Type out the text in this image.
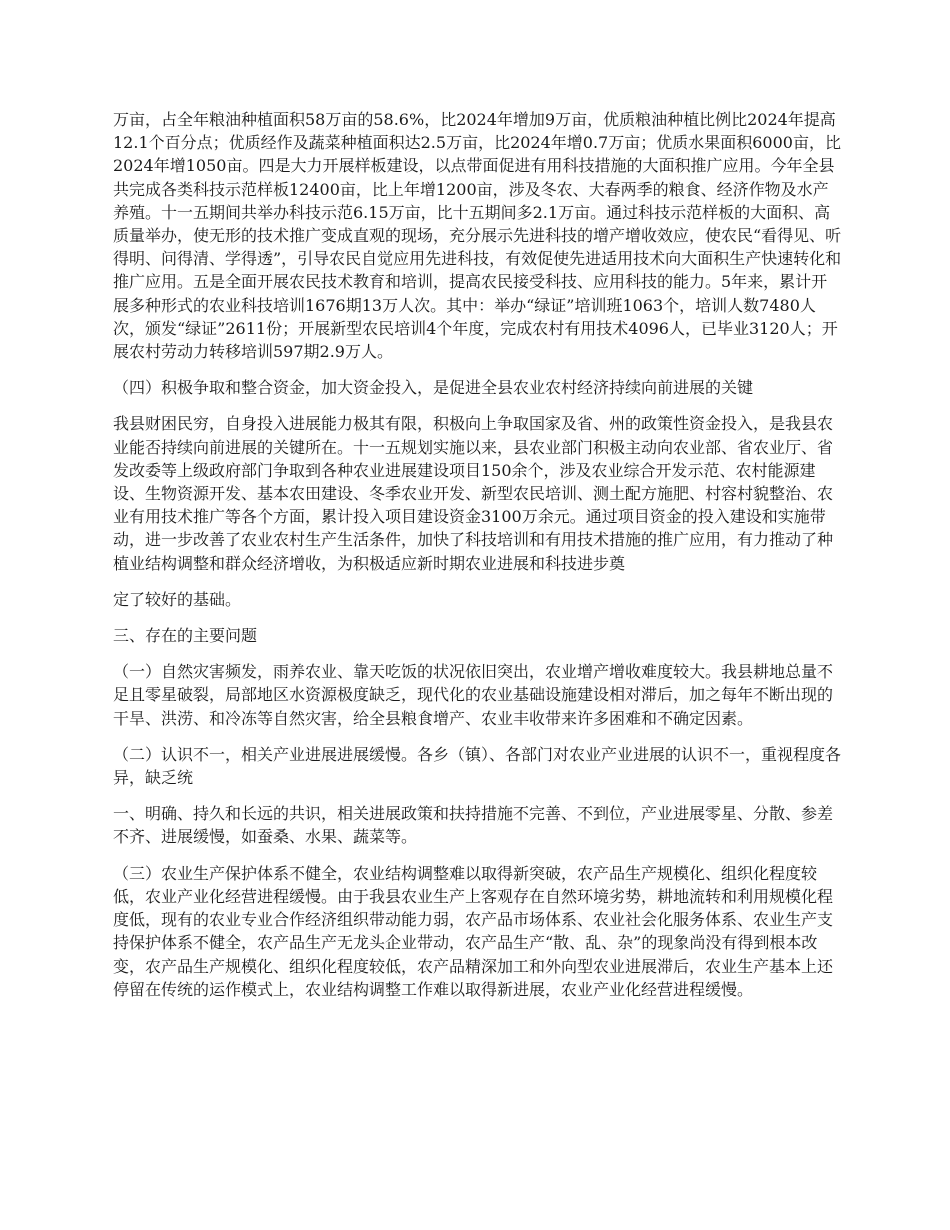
万亩，占全年粮油种植面积58万亩的58.6%，比2024年增加9万亩，优质粮油种植比例比2024年提高12.1个百分点；优质经作及蔬菜种植面积达2.5万亩，比2024年增0.7万亩；优质水果面积6000亩，比2024年增1050亩。四是大力开展样板建设，以点带面促进有用科技措施的大面积推广应用。今年全县共完成各类科技示范样板12400亩，比上年增1200亩，涉及冬农、大春两季的粮食、经济作物及水产养殖。十一五期间共举办科技示范6.15万亩，比十五期间多2.1万亩。通过科技示范样板的大面积、高质量举办，使无形的技术推广变成直观的现场，充分展示先进科技的增产增收效应，使农民“看得见、听得明、问得清、学得透”，引导农民自觉应用先进科技，有效促使先进适用技术向大面积生产快速转化和推广应用。五是全面开展农民技术教育和培训，提高农民接受科技、应用科技的能力。5年来，累计开展多种形式的农业科技培训1676期13万人次。其中：举办“绿证”培训班1063个，培训人数7480人次，颁发“绿证”2611份；开展新型农民培训4个年度，完成农村有用技术4096人，已毕业3120人；开展农村劳动力转移培训597期2.9万人。

（四）积极争取和整合资金，加大资金投入，是促进全县农业农村经济持续向前进展的关键

我县财困民穷，自身投入进展能力极其有限，积极向上争取国家及省、州的政策性资金投入，是我县农业能否持续向前进展的关键所在。十一五规划实施以来，县农业部门积极主动向农业部、省农业厅、省发改委等上级政府部门争取到各种农业进展建设项目150余个，涉及农业综合开发示范、农村能源建设、生物资源开发、基本农田建设、冬季农业开发、新型农民培训、测土配方施肥、村容村貌整治、农业有用技术推广等各个方面，累计投入项目建设资金3100万余元。通过项目资金的投入建设和实施带动，进一步改善了农业农村生产生活条件，加快了科技培训和有用技术措施的推广应用，有力推动了种植业结构调整和群众经济增收，为积极适应新时期农业进展和科技进步奠

定了较好的基础。

三、存在的主要问题

（一）自然灾害频发，雨养农业、靠天吃饭的状况依旧突出，农业增产增收难度较大。我县耕地总量不足且零星破裂，局部地区水资源极度缺乏，现代化的农业基础设施建设相对滞后，加之每年不断出现的干旱、洪涝、和冷冻等自然灾害，给全县粮食增产、农业丰收带来许多困难和不确定因素。

（二）认识不一，相关产业进展进展缓慢。各乡（镇）、各部门对农业产业进展的认识不一，重视程度各异，缺乏统

一、明确、持久和长远的共识，相关进展政策和扶持措施不完善、不到位，产业进展零星、分散、参差不齐、进展缓慢，如蚕桑、水果、蔬菜等。

（三）农业生产保护体系不健全，农业结构调整难以取得新突破，农产品生产规模化、组织化程度较低，农业产业化经营进程缓慢。由于我县农业生产上客观存在自然环境劣势，耕地流转和利用规模化程度低，现有的农业专业合作经济组织带动能力弱，农产品市场体系、农业社会化服务体系、农业生产支持保护体系不健全，农产品生产无龙头企业带动，农产品生产“散、乱、杂”的现象尚没有得到根本改变，农产品生产规模化、组织化程度较低，农产品精深加工和外向型农业进展滞后，农业生产基本上还停留在传统的运作模式上，农业结构调整工作难以取得新进展，农业产业化经营进程缓慢。
